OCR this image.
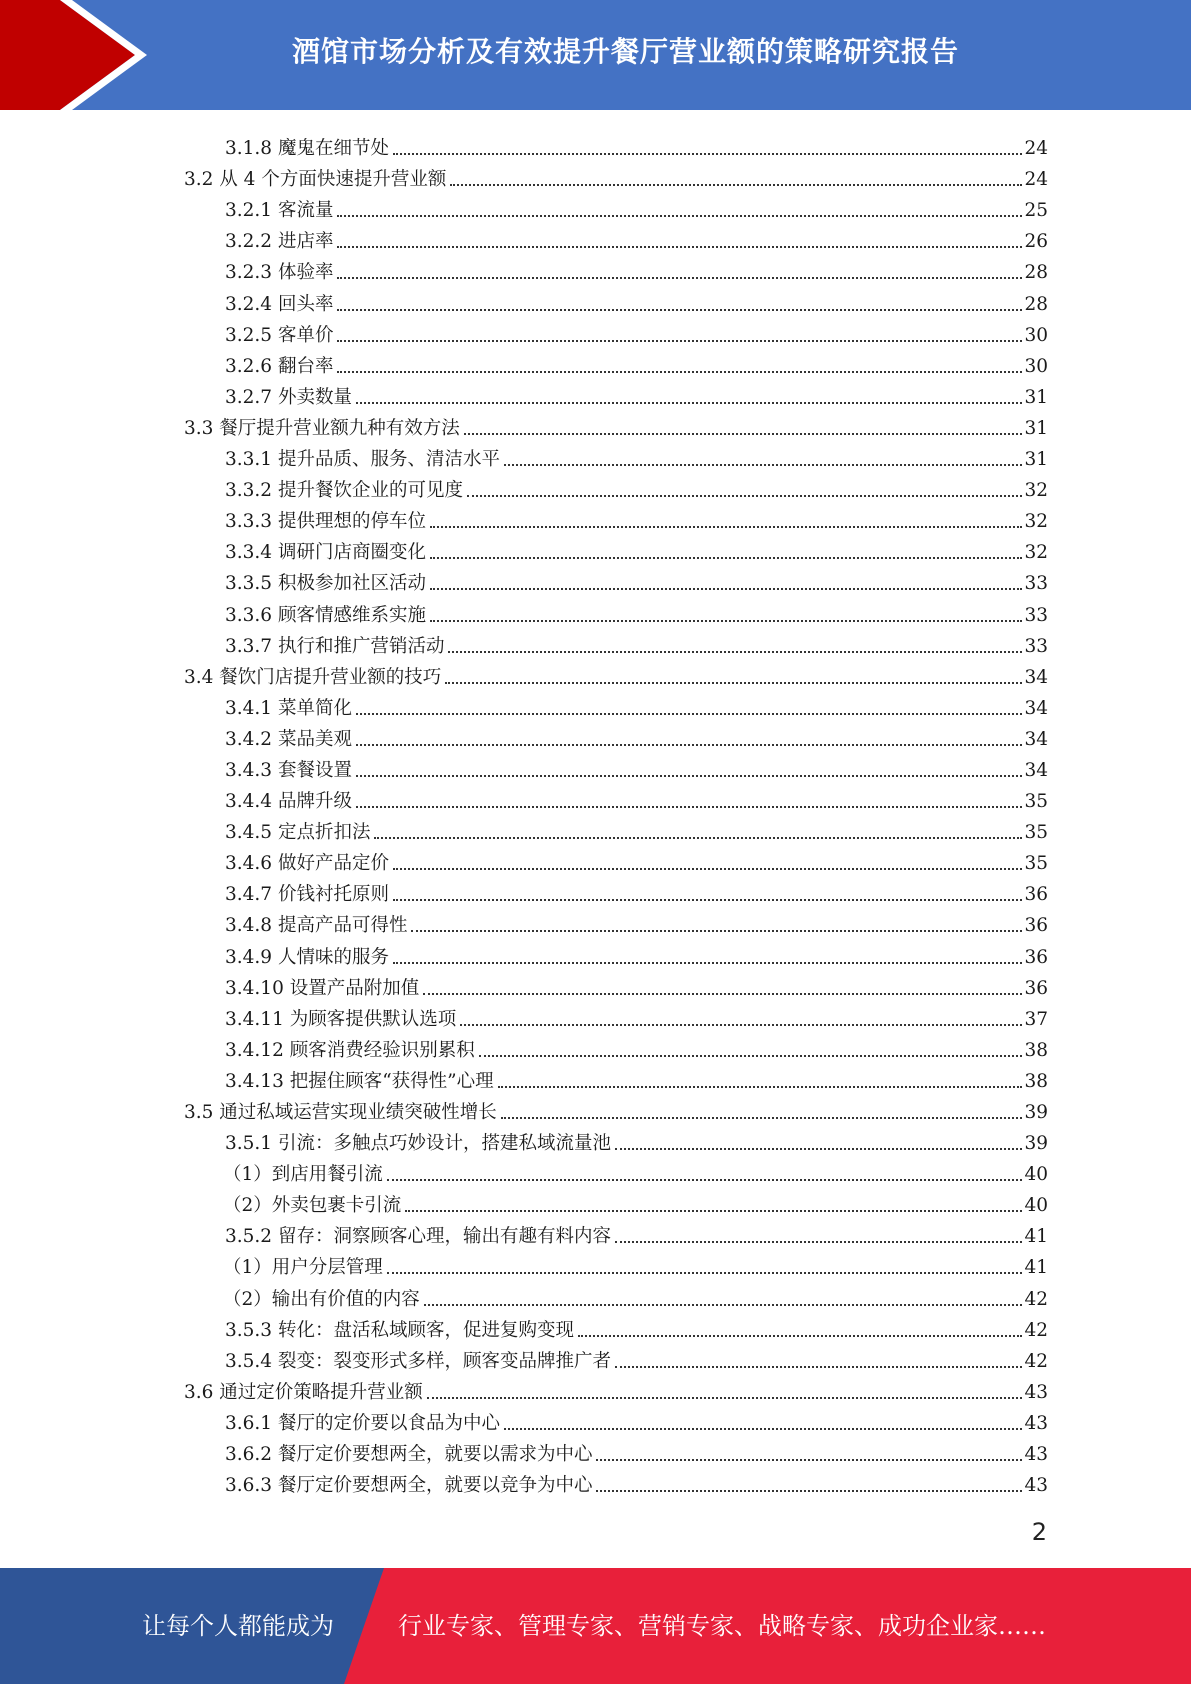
酒馆市场分析及有效提升餐厅营业额的策略研究报告
3.1.8 魔鬼在细节处	24
3.2 从 4 个方面快速提升营业额	24
3.2.1 客流量	25
3.2.2 进店率	26
3.2.3 体验率	28
3.2.4 回头率	28
3.2.5 客单价	30
3.2.6 翻台率	30
3.2.7 外卖数量	31
3.3 餐厅提升营业额九种有效方法	31
3.3.1 提升品质、服务、清洁水平	31
3.3.2 提升餐饮企业的可见度	32
3.3.3 提供理想的停车位	32
3.3.4 调研门店商圈变化	32
3.3.5 积极参加社区活动	33
3.3.6 顾客情感维系实施	33
3.3.7 执行和推广营销活动	33
3.4 餐饮门店提升营业额的技巧	34
3.4.1 菜单简化	34
3.4.2 菜品美观	34
3.4.3 套餐设置	34
3.4.4 品牌升级	35
3.4.5 定点折扣法	35
3.4.6 做好产品定价	35
3.4.7 价钱衬托原则	36
3.4.8 提高产品可得性	36
3.4.9 人情味的服务	36
3.4.10 设置产品附加值	36
3.4.11 为顾客提供默认选项	37
3.4.12 顾客消费经验识别累积	38
3.4.13 把握住顾客“获得性”心理	38
3.5 通过私域运营实现业绩突破性增长	39
3.5.1 引流：多触点巧妙设计，搭建私域流量池	39
（1）到店用餐引流	40
（2）外卖包裹卡引流	40
3.5.2 留存：洞察顾客心理，输出有趣有料内容	41
（1）用户分层管理	41
（2）输出有价值的内容	42
3.5.3 转化：盘活私域顾客，促进复购变现	42
3.5.4 裂变：裂变形式多样，顾客变品牌推广者	42
3.6 通过定价策略提升营业额	43
3.6.1 餐厅的定价要以食品为中心	43
3.6.2 餐厅定价要想两全，就要以需求为中心	43
3.6.3 餐厅定价要想两全，就要以竞争为中心	43
2
让每个人都能成为	行业专家、管理专家、营销专家、战略专家、成功企业家……
